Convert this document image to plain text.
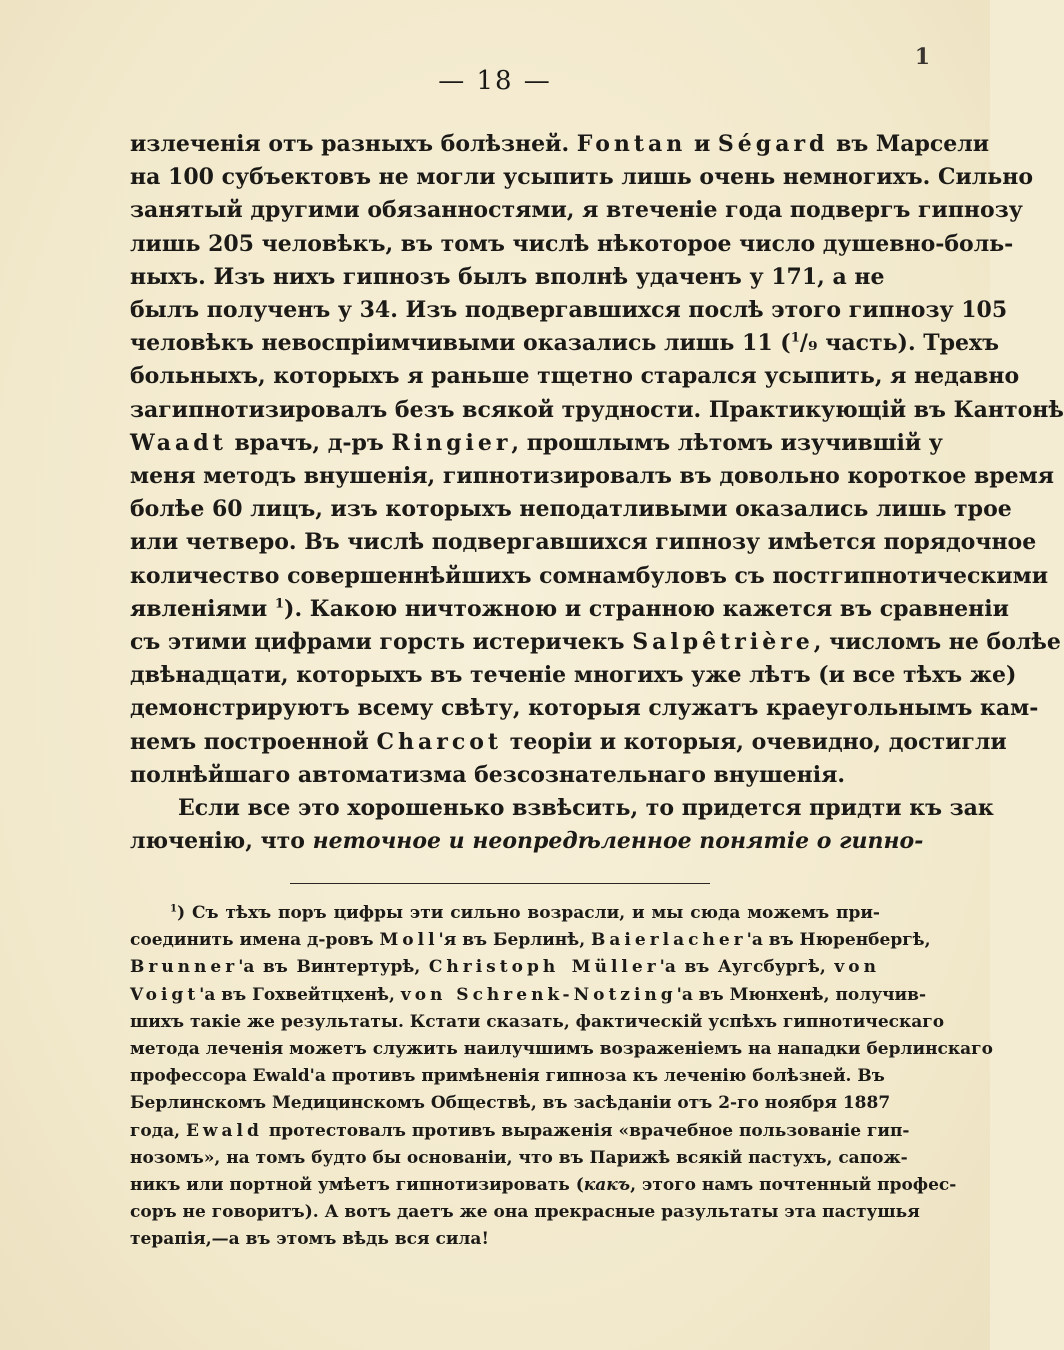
— 18 —
1
излеченія отъ разныхъ болѣзней. Fontan и Ségard въ Марсели
на 100 субъектовъ не могли усыпить лишь очень немногихъ. Сильно
занятый другими обязанностями, я втеченіе года подвергъ гипнозу
лишь 205 человѣкъ, въ томъ числѣ нѣкоторое число душевно-боль-
ныхъ. Изъ нихъ гипнозъ былъ вполнѣ удаченъ у 171, а не
былъ полученъ у 34. Изъ подвергавшихся послѣ этого гипнозу 105
человѣкъ невоспріимчивыми оказались лишь 11 ($^1$/₉ часть). Трехъ
больныхъ, которыхъ я раньше тщетно старался усыпить, я недавно
загипнотизировалъ безъ всякой трудности. Практикующій въ Кантонѣ
Waadt врачъ, д-ръ Ringier, прошлымъ лѣтомъ изучившій у
меня методъ внушенія, гипнотизировалъ въ довольно короткое время
болѣе 60 лицъ, изъ которыхъ неподатливыми оказались лишь трое
или четверо. Въ числѣ подвергавшихся гипнозу имѣется порядочное
количество совершеннѣйшихъ сомнамбуловъ съ постгипнотическими
явленіями $^1$). Какою ничтожною и странною кажется въ сравненіи
съ этими цифрами горсть истеричекъ Salpêtrière, числомъ не болѣе
двѣнадцати, которыхъ въ теченіе многихъ уже лѣтъ (и все тѣхъ же)
демонстрируютъ всему свѣту, которыя служатъ краеугольнымъ кам-
немъ построенной Charcot теоріи и которыя, очевидно, достигли
полнѣйшаго автоматизма безсознательнаго внушенія.
Если все это хорошенько взвѣсить, то придется придти къ зак
люченію, что неточное и неопредѣленное понятіе о гипно-
$^1$) Съ тѣхъ поръ цифры эти сильно возрасли, и мы сюда можемъ при-
соединить имена д-ровъ Moll'я въ Берлинѣ, Baierlacher'а въ Нюренбергѣ,
Brunner'а въ Винтертурѣ, Christoph Müller'а въ Аугсбургѣ, von
Voigt'а въ Гохвейтцхенѣ, von Schrenk-Notzing'а въ Мюнхенѣ, получив-
шихъ такіе же результаты. Кстати сказать, фактическій успѣхъ гипнотическаго
метода леченія можетъ служить наилучшимъ возраженіемъ на нападки берлинскаго
профессора Ewald'а противъ примѣненія гипноза къ леченію болѣзней. Въ
Берлинскомъ Медицинскомъ Обществѣ, въ засѣданіи отъ 2-го ноября 1887
года, Ewald протестовалъ противъ выраженія «врачебное пользованіе гип-
нозомъ», на томъ будто бы основаніи, что въ Парижѣ всякій пастухъ, сапож-
никъ или портной умѣетъ гипнотизировать (какъ, этого намъ почтенный профес-
соръ не говоритъ). А вотъ даетъ же она прекрасные разультаты эта пастушья
терапія,—а въ этомъ вѣдь вся сила!
